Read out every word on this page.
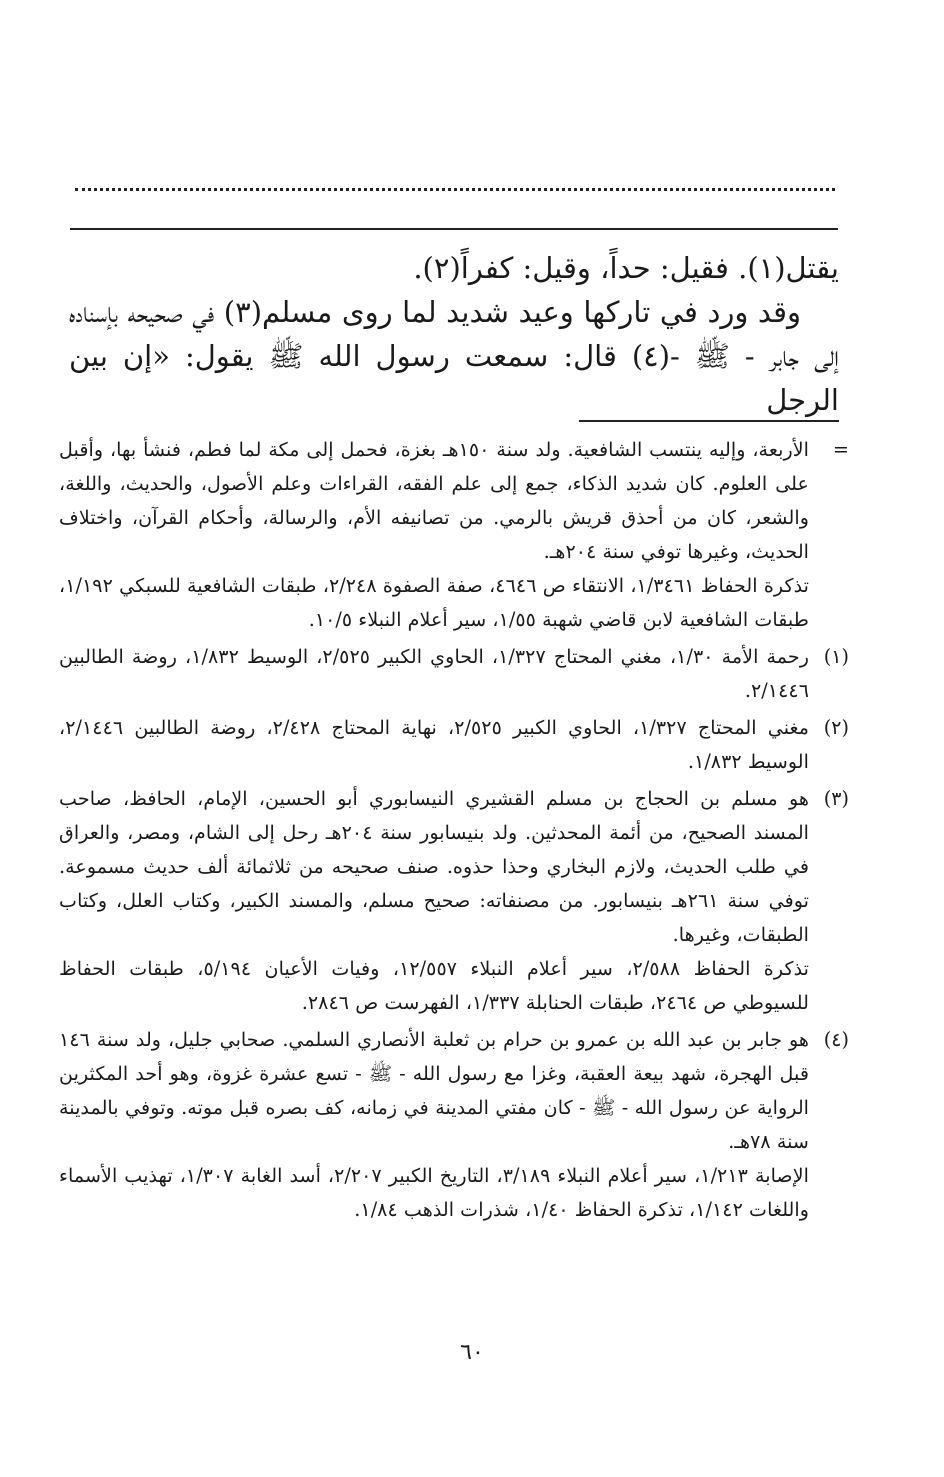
يقتل(١). فقيل: حداً، وقيل: كفراً(٢).

وقد ورد في تاركها وعيد شديد لما روى مسلم(٣) في صحيحه بإسناده إلى جابر - ﷺ -(٤) قال: سمعت رسول الله ﷺ يقول: «إن بين الرجل

=

الأربعة، وإليه ينتسب الشافعية. ولد سنة ١٥٠هـ بغزة، فحمل إلى مكة لما فطم، فنشأ بها، وأقبل على العلوم. كان شديد الذكاء، جمع إلى علم الفقه، القراءات وعلم الأصول، والحديث، واللغة، والشعر، كان من أحذق قريش بالرمي. من تصانيفه الأم، والرسالة، وأحكام القرآن، واختلاف الحديث، وغيرها توفي سنة ٢٠٤هـ.

تذكرة الحفاظ ١/٣٤٦١، الانتقاء ص ٤٦٤٦، صفة الصفوة ٢/٢٤٨، طبقات الشافعية للسبكي ١/١٩٢، طبقات الشافعية لابن قاضي شهبة ١/٥٥، سير أعلام النبلاء ١٠/٥.

(١)

رحمة الأمة ١/٣٠، مغني المحتاج ١/٣٢٧، الحاوي الكبير ٢/٥٢٥، الوسيط ١/٨٣٢، روضة الطالبين ٢/١٤٤٦.

(٢)

مغني المحتاج ١/٣٢٧، الحاوي الكبير ٢/٥٢٥، نهاية المحتاج ٢/٤٢٨، روضة الطالبين ٢/١٤٤٦، الوسيط ١/٨٣٢.

(٣)

هو مسلم بن الحجاج بن مسلم القشيري النيسابوري أبو الحسين، الإمام، الحافظ، صاحب المسند الصحيح، من أئمة المحدثين. ولد بنيسابور سنة ٢٠٤هـ رحل إلى الشام، ومصر، والعراق في طلب الحديث، ولازم البخاري وحذا حذوه. صنف صحيحه من ثلاثمائة ألف حديث مسموعة. توفي سنة ٢٦١هـ بنيسابور. من مصنفاته: صحيح مسلم، والمسند الكبير، وكتاب العلل، وكتاب الطبقات، وغيرها.

تذكرة الحفاظ ٢/٥٨٨، سير أعلام النبلاء ١٢/٥٥٧، وفيات الأعيان ٥/١٩٤، طبقات الحفاظ للسيوطي ص ٢٤٦٤، طبقات الحنابلة ١/٣٣٧، الفهرست ص ٢٨٤٦.

(٤)

هو جابر بن عبد الله بن عمرو بن حرام بن ثعلبة الأنصاري السلمي. صحابي جليل، ولد سنة ١٤٦ قبل الهجرة، شهد بيعة العقبة، وغزا مع رسول الله - ﷺ - تسع عشرة غزوة، وهو أحد المكثرين الرواية عن رسول الله - ﷺ - كان مفتي المدينة في زمانه، كف بصره قبل موته. وتوفي بالمدينة سنة ٧٨هـ.

الإصابة ١/٢١٣، سير أعلام النبلاء ٣/١٨٩، التاريخ الكبير ٢/٢٠٧، أسد الغابة ١/٣٠٧، تهذيب الأسماء واللغات ١/١٤٢، تذكرة الحفاظ ١/٤٠، شذرات الذهب ١/٨٤.

٦٠
